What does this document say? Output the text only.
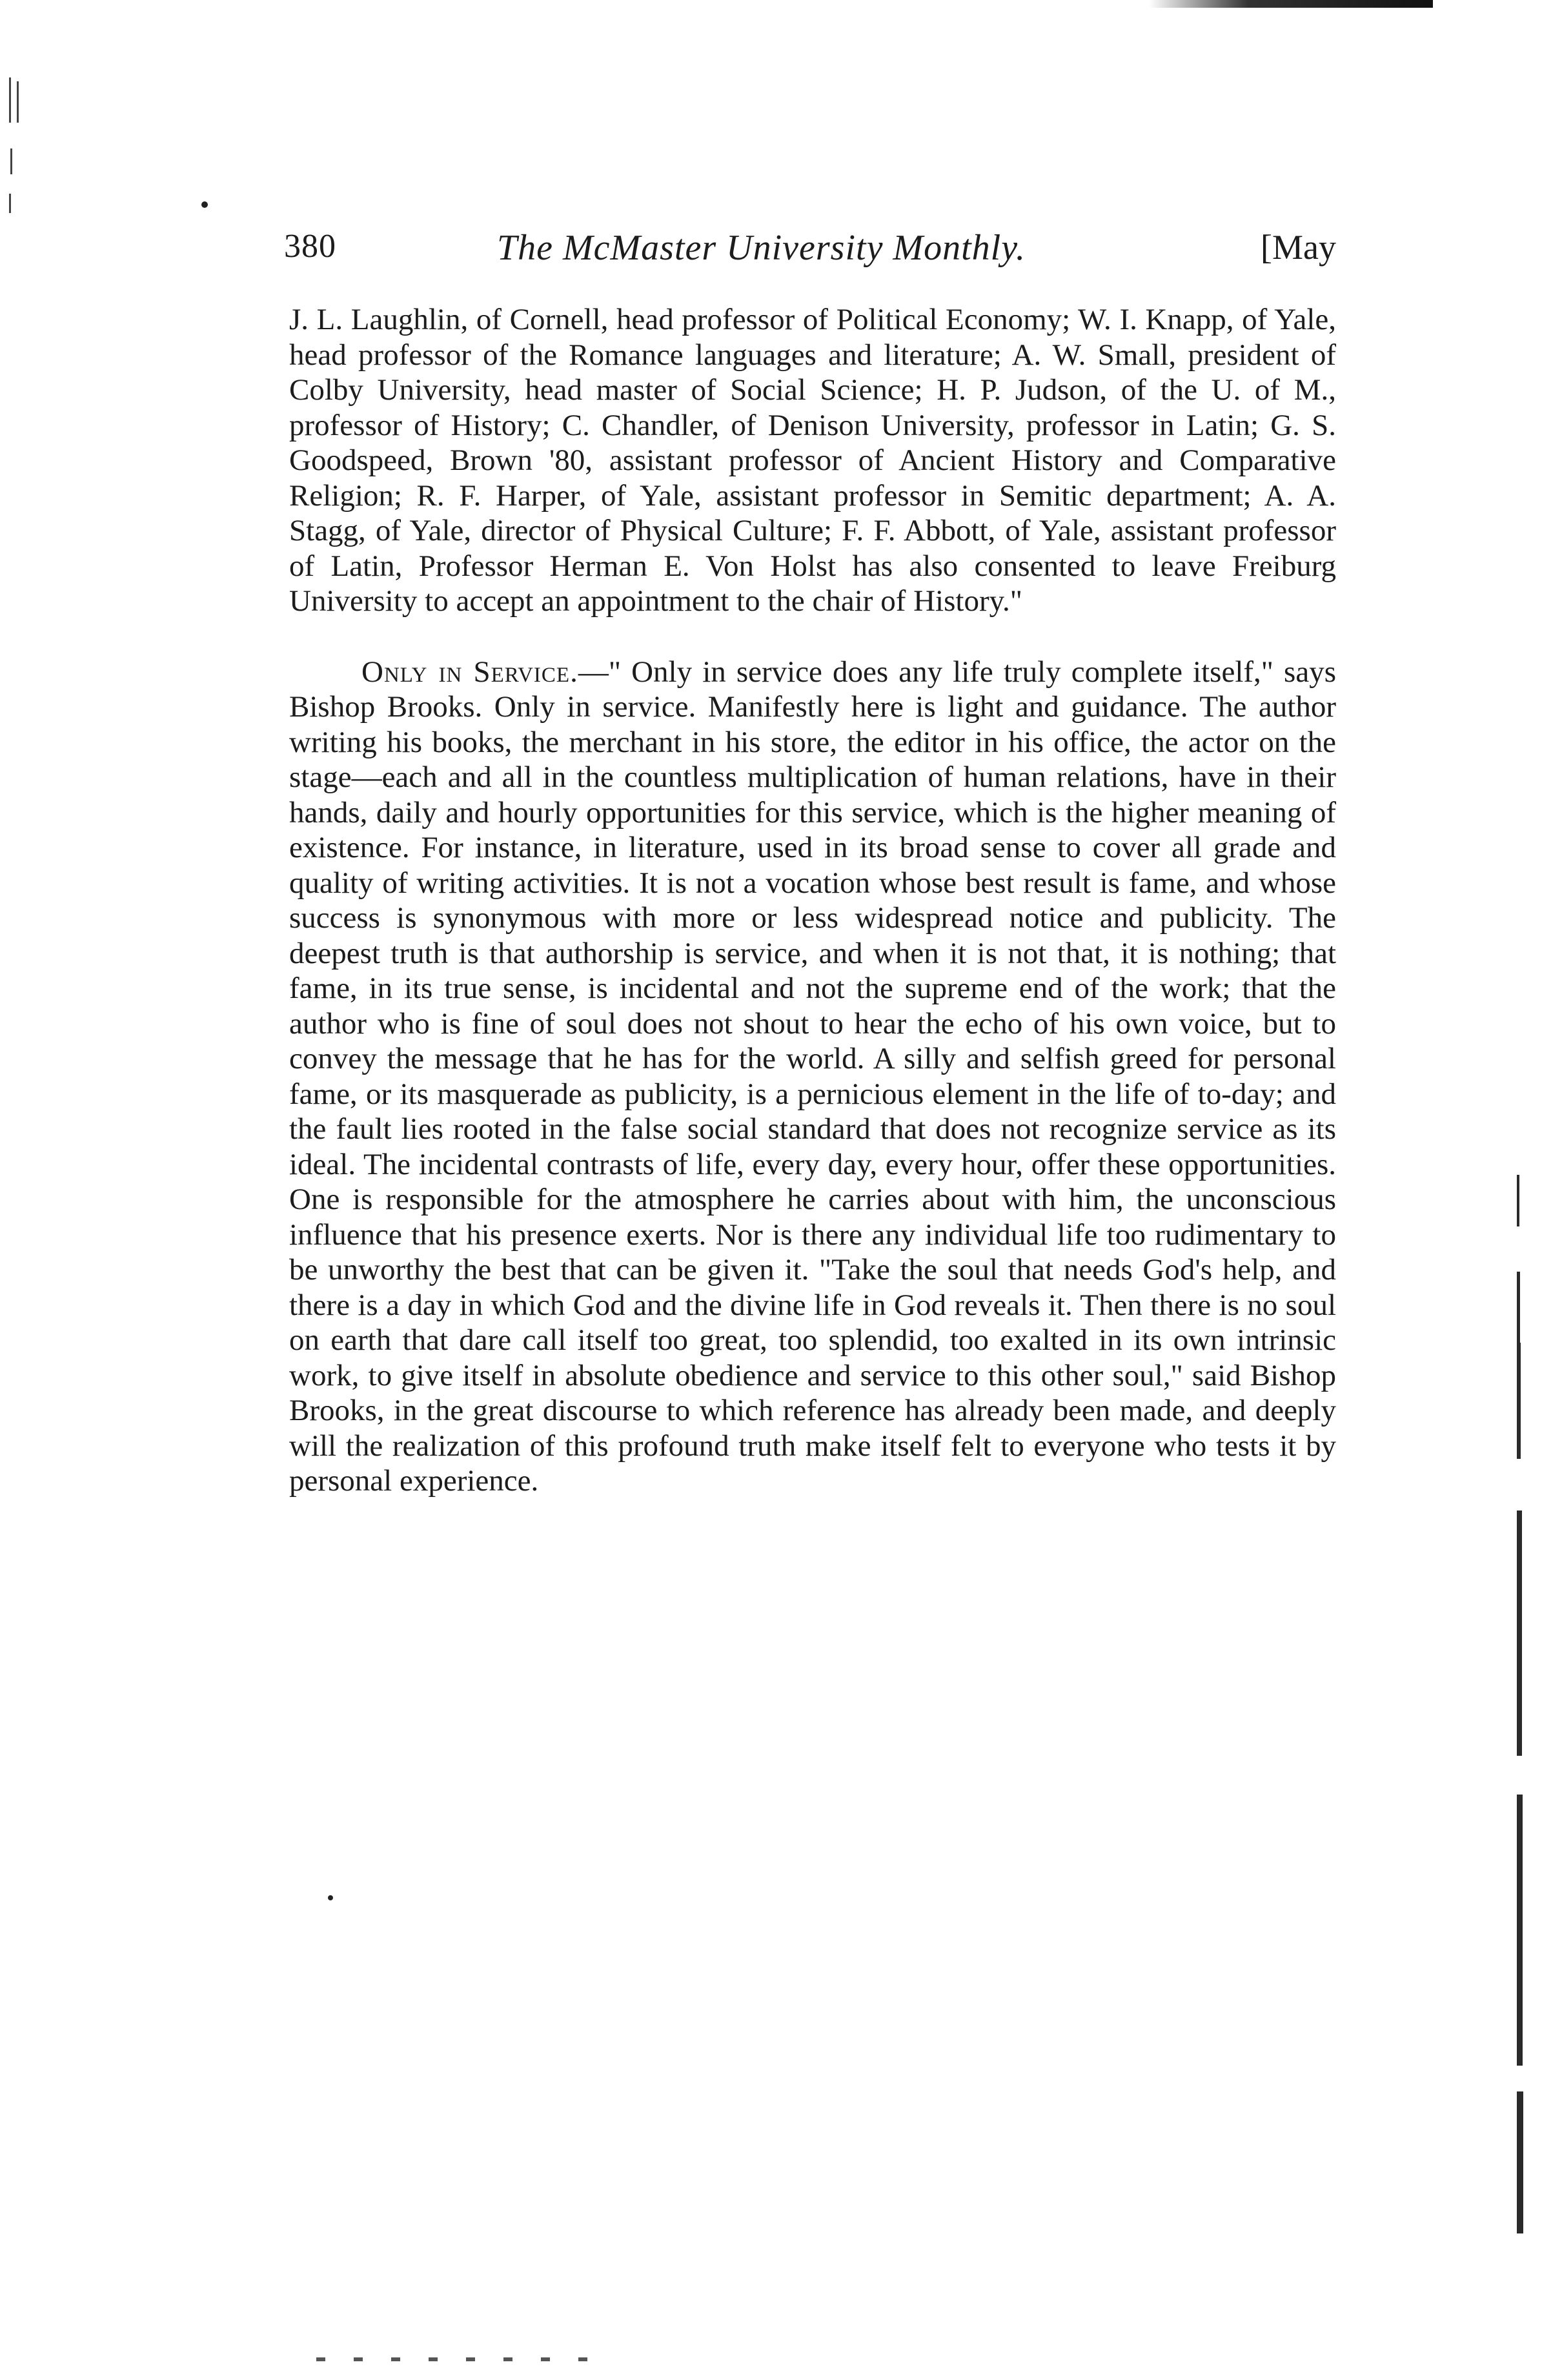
380	The McMaster University Monthly.	[May

J. L. Laughlin, of Cornell, head professor of Political Economy; W. I. Knapp, of Yale, head professor of the Romance languages and literature; A. W. Small, president of Colby University, head master of Social Science; H. P. Judson, of the U. of M., professor of History; C. Chandler, of Denison University, professor in Latin; G. S. Goodspeed, Brown '80, assistant professor of Ancient History and Comparative Religion; R. F. Harper, of Yale, assistant professor in Semitic department; A. A. Stagg, of Yale, director of Physical Culture; F. F. Abbott, of Yale, assistant professor of Latin, Professor Herman E. Von Holst has also consented to leave Freiburg University to accept an appointment to the chair of History."

Only in Service.—" Only in service does any life truly complete itself," says Bishop Brooks. Only in service. Manifestly here is light and guidance. The author writing his books, the merchant in his store, the editor in his office, the actor on the stage—each and all in the countless multiplication of human relations, have in their hands, daily and hourly opportunities for this service, which is the higher meaning of existence. For instance, in literature, used in its broad sense to cover all grade and quality of writing activities. It is not a vocation whose best result is fame, and whose success is synonymous with more or less widespread notice and publicity. The deepest truth is that authorship is service, and when it is not that, it is nothing; that fame, in its true sense, is incidental and not the supreme end of the work; that the author who is fine of soul does not shout to hear the echo of his own voice, but to convey the message that he has for the world. A silly and selfish greed for personal fame, or its masquerade as publicity, is a pernicious element in the life of to-day; and the fault lies rooted in the false social standard that does not recognize service as its ideal. The incidental contrasts of life, every day, every hour, offer these opportunities. One is responsible for the atmosphere he carries about with him, the unconscious influence that his presence exerts. Nor is there any individual life too rudimentary to be unworthy the best that can be given it. "Take the soul that needs God's help, and there is a day in which God and the divine life in God reveals it. Then there is no soul on earth that dare call itself too great, too splendid, too exalted in its own intrinsic work, to give itself in absolute obedience and service to this other soul," said Bishop Brooks, in the great discourse to which reference has already been made, and deeply will the realization of this profound truth make itself felt to everyone who tests it by personal experience.
